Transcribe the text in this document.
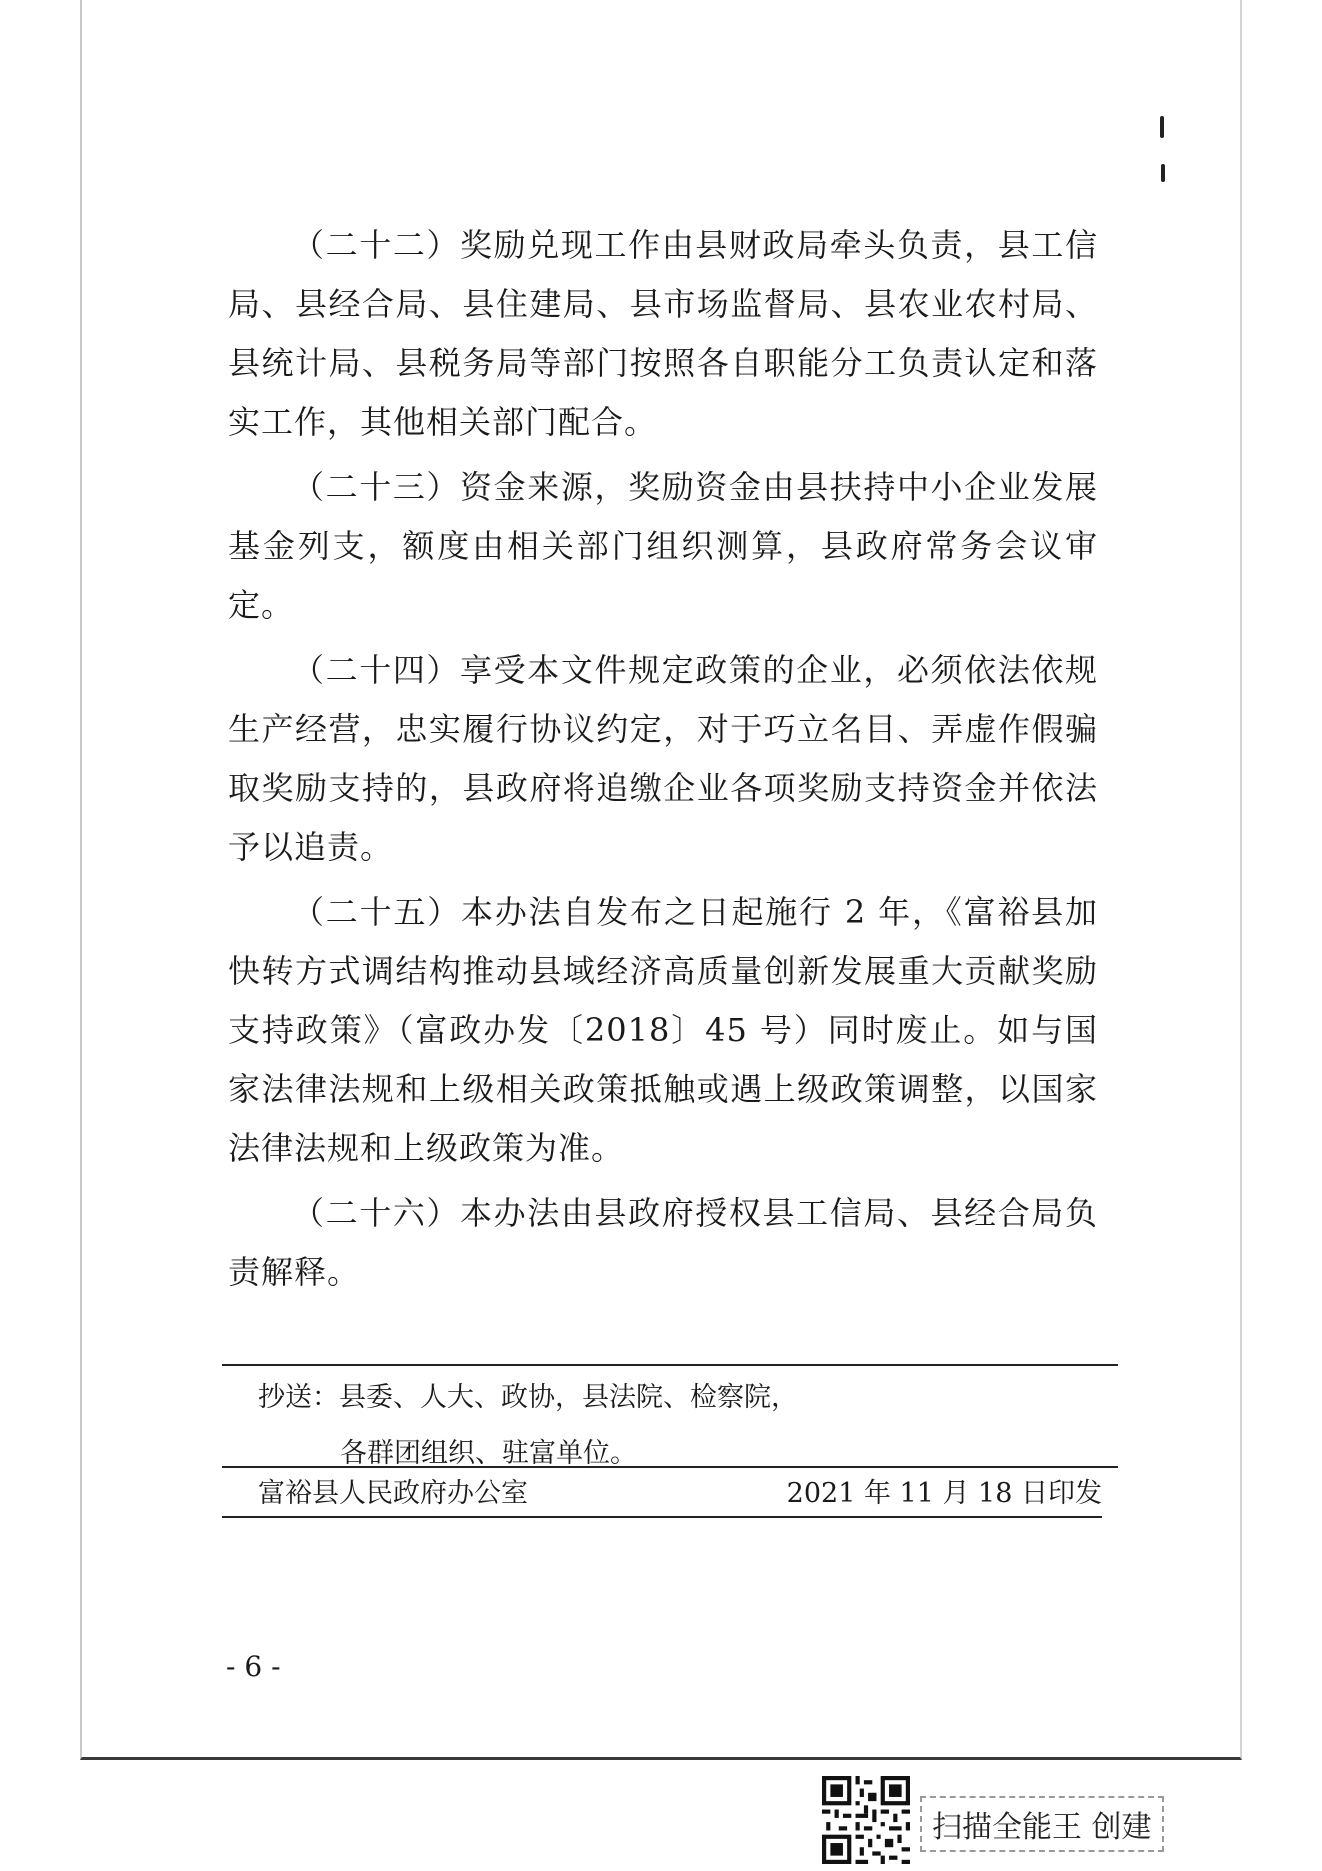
（二十二）奖励兑现工作由县财政局牵头负责，县工信局、县经合局、县住建局、县市场监督局、县农业农村局、县统计局、县税务局等部门按照各自职能分工负责认定和落实工作，其他相关部门配合。

（二十三）资金来源，奖励资金由县扶持中小企业发展基金列支，额度由相关部门组织测算，县政府常务会议审定。

（二十四）享受本文件规定政策的企业，必须依法依规生产经营，忠实履行协议约定，对于巧立名目、弄虚作假骗取奖励支持的，县政府将追缴企业各项奖励支持资金并依法予以追责。

（二十五）本办法自发布之日起施行 2 年，《富裕县加快转方式调结构推动县域经济高质量创新发展重大贡献奖励支持政策》（富政办发〔2018〕45 号）同时废止。如与国家法律法规和上级相关政策抵触或遇上级政策调整，以国家法律法规和上级政策为准。

（二十六）本办法由县政府授权县工信局、县经合局负责解释。

抄送：县委、人大、政协，县法院、检察院，
各群团组织、驻富单位。
富裕县人民政府办公室	2021 年 11 月 18 日印发
- 6 -
扫描全能王 创建
